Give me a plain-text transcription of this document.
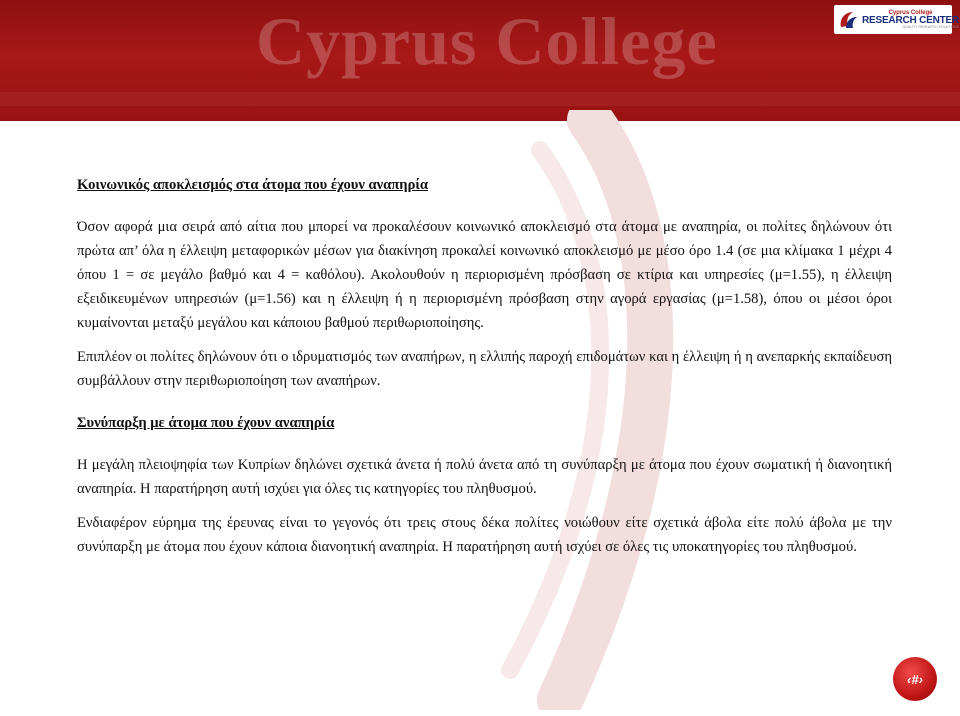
Cyprus College	Cyprus College
RESEARCH CENTER
QUALITY RESEARCH SOLUTIONS

Κοινωνικός αποκλεισμός στα άτομα που έχουν αναπηρία

Όσον αφορά μια σειρά από αίτια που μπορεί να προκαλέσουν κοινωνικό αποκλεισμό στα άτομα με αναπηρία, οι πολίτες δηλώνουν ότι πρώτα απ’ όλα η έλλειψη μεταφορικών μέσων για διακίνηση προκαλεί κοινωνικό αποκλεισμό με μέσο όρο 1.4 (σε μια κλίμακα 1 μέχρι 4 όπου 1 = σε μεγάλο βαθμό και 4 = καθόλου). Ακολουθούν η περιορισμένη πρόσβαση σε κτίρια και υπηρεσίες (μ=1.55), η έλλειψη εξειδικευμένων υπηρεσιών (μ=1.56) και η έλλειψη ή η περιορισμένη πρόσβαση στην αγορά εργασίας (μ=1.58), όπου οι μέσοι όροι κυμαίνονται μεταξύ μεγάλου και κάποιου βαθμού περιθωριοποίησης.

Επιπλέον οι πολίτες δηλώνουν ότι ο ιδρυματισμός των αναπήρων, η ελλιπής παροχή επιδομάτων και η έλλειψη ή η ανεπαρκής εκπαίδευση συμβάλλουν στην περιθωριοποίηση των αναπήρων.

Συνύπαρξη με άτομα που έχουν αναπηρία

Η μεγάλη πλειοψηφία των Κυπρίων δηλώνει σχετικά άνετα ή πολύ άνετα από τη συνύπαρξη με άτομα που έχουν σωματική ή διανοητική αναπηρία. Η παρατήρηση αυτή ισχύει για όλες τις κατηγορίες του πληθυσμού.

Ενδιαφέρον εύρημα της έρευνας είναι το γεγονός ότι τρεις στους δέκα πολίτες νοιώθουν είτε σχετικά άβολα είτε πολύ άβολα με την συνύπαρξη με άτομα που έχουν κάποια διανοητική αναπηρία. Η παρατήρηση αυτή ισχύει σε όλες τις υποκατηγορίες του πληθυσμού.

‹#›
